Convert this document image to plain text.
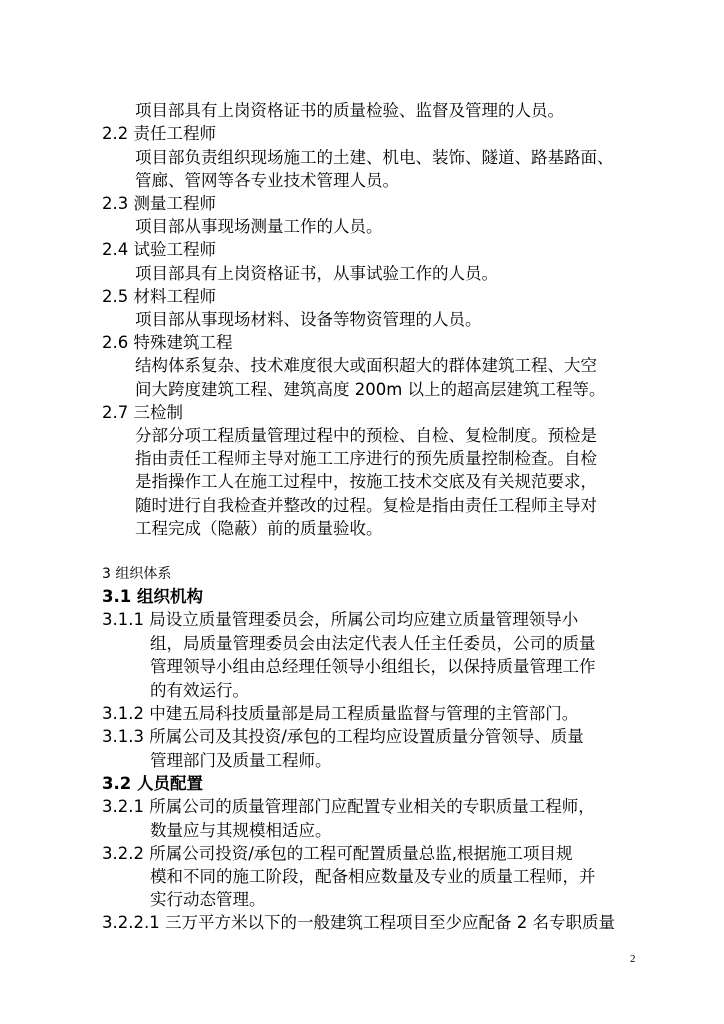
项目部具有上岗资格证书的质量检验、监督及管理的人员。
2.2 责任工程师
项目部负责组织现场施工的土建、机电、装饰、隧道、路基路面、
管廊、管网等各专业技术管理人员。
2.3 测量工程师
项目部从事现场测量工作的人员。
2.4 试验工程师
项目部具有上岗资格证书，从事试验工作的人员。
2.5 材料工程师
项目部从事现场材料、设备等物资管理的人员。
2.6 特殊建筑工程
结构体系复杂、技术难度很大或面积超大的群体建筑工程、大空
间大跨度建筑工程、建筑高度 200m 以上的超高层建筑工程等。
2.7 三检制
分部分项工程质量管理过程中的预检、自检、复检制度。预检是
指由责任工程师主导对施工工序进行的预先质量控制检查。自检
是指操作工人在施工过程中，按施工技术交底及有关规范要求，
随时进行自我检查并整改的过程。复检是指由责任工程师主导对
工程完成（隐蔽）前的质量验收。
3 组织体系
3.1 组织机构
3.1.1 局设立质量管理委员会，所属公司均应建立质量管理领导小
组，局质量管理委员会由法定代表人任主任委员，公司的质量
管理领导小组由总经理任领导小组组长，以保持质量管理工作
的有效运行。
3.1.2 中建五局科技质量部是局工程质量监督与管理的主管部门。
3.1.3 所属公司及其投资/承包的工程均应设置质量分管领导、质量
管理部门及质量工程师。
3.2 人员配置
3.2.1 所属公司的质量管理部门应配置专业相关的专职质量工程师，
数量应与其规模相适应。
3.2.2 所属公司投资/承包的工程可配置质量总监,根据施工项目规
模和不同的施工阶段，配备相应数量及专业的质量工程师，并
实行动态管理。
3.2.2.1 三万平方米以下的一般建筑工程项目至少应配备 2 名专职质量
2
